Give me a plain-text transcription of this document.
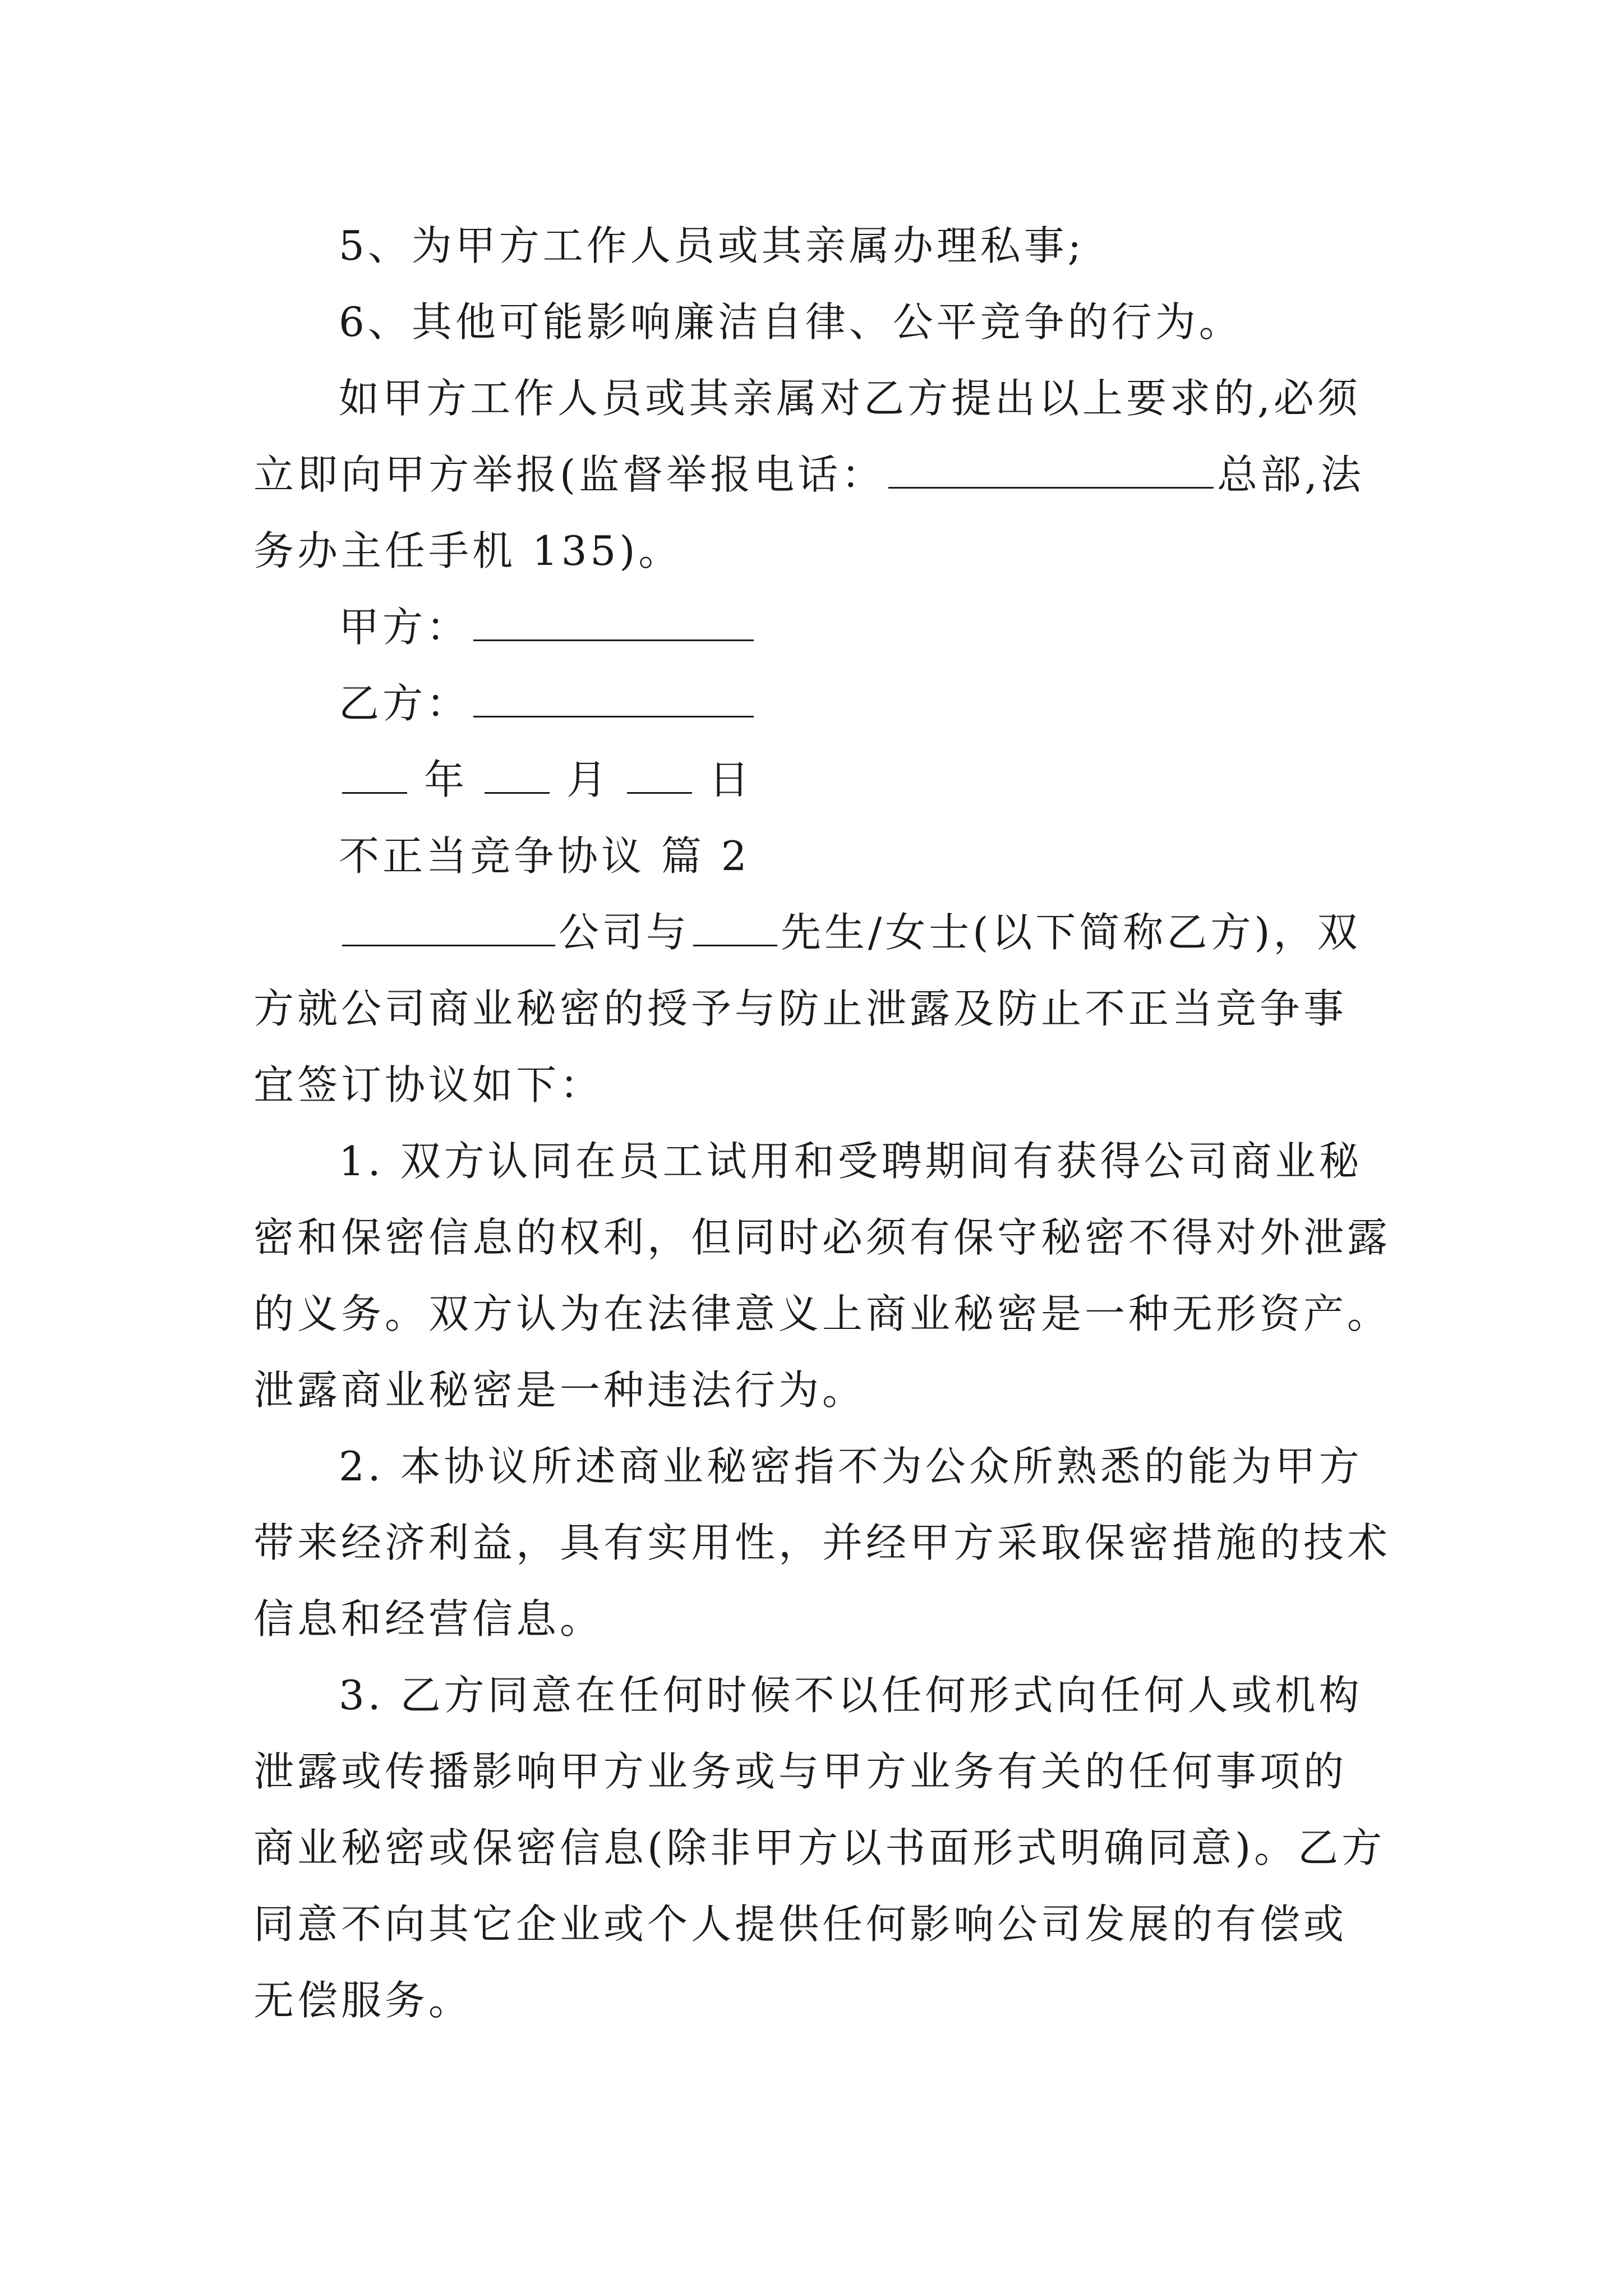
5、为甲方工作人员或其亲属办理私事;
6、其他可能影响廉洁自律、公平竞争的行为。
如甲方工作人员或其亲属对乙方提出以上要求的,必须
立即向甲方举报(监督举报电话：	总部,法
务办主任手机 135)。
甲方：
乙方：
年 月 日
不正当竞争协议 篇 2
公司与 先生/女士(以下简称乙方)，双
方就公司商业秘密的授予与防止泄露及防止不正当竞争事
宜签订协议如下：
1. 双方认同在员工试用和受聘期间有获得公司商业秘
密和保密信息的权利，但同时必须有保守秘密不得对外泄露
的义务。双方认为在法律意义上商业秘密是一种无形资产。
泄露商业秘密是一种违法行为。
2. 本协议所述商业秘密指不为公众所熟悉的能为甲方
带来经济利益，具有实用性，并经甲方采取保密措施的技术
信息和经营信息。
3. 乙方同意在任何时候不以任何形式向任何人或机构
泄露或传播影响甲方业务或与甲方业务有关的任何事项的
商业秘密或保密信息(除非甲方以书面形式明确同意)。乙方
同意不向其它企业或个人提供任何影响公司发展的有偿或
无偿服务。
